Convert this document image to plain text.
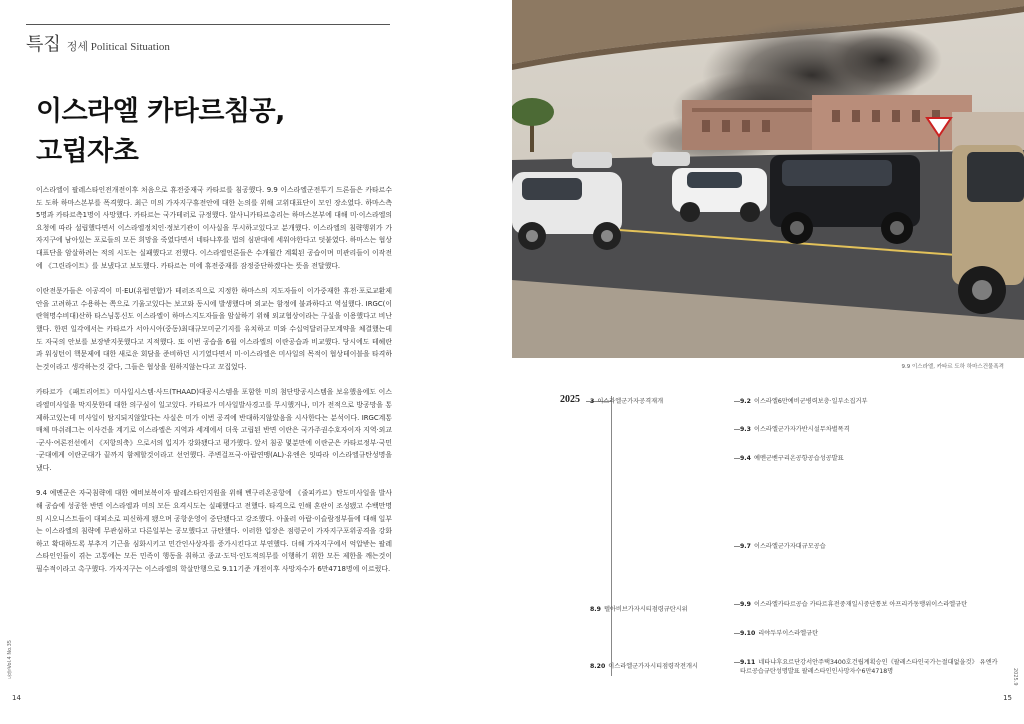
특집 정세 Political Situation
이스라엘 카타르침공,
고립자초

이스라엘이 팔레스타인전개전이후 처음으로 휴전중재국 카타르를 침공했다. 9.9 이스라엘군전투기 드론들은 카타르수도 도하 하마스본부를 폭격했다. 최근 미의 가자지구휴전안에 대한 논의를 위해 고위대표단이 모인 장소였다. 하마스측5명과 카타르측1명이 사망했다. 카타르는 국가테러로 규정했다. 알사니카타르총리는 하마스본부에 대해 미·이스라엘의 요청에 따라 설립했다면서 이스라엘정치인·정보기관이 이사실을 무시하고있다고 분개했다. 이스라엘의 침략행위가 가자지구에 남아있는 포로들의 모든 희망을 죽였다면서 네타냐후를 법의 심판대에 세워야한다고 덧붙였다. 하마스는 협상대표단을 암살하려는 적의 시도는 실패했다고 전했다. 이스라엘언론들은 수개월간 계획된 공습이며 미관리들이 이작전에 《그린라이트》를 보냈다고 보도했다. 카타르는 미에 휴전중재를 잠정중단하겠다는 뜻을 전달했다.

이란전문가들은 이공격이 미·EU(유럽연합)가 테러조직으로 지정한 하마스의 지도자들이 이가중재한 휴전·포로교환제안을 고려하고 수용하는 쪽으로 기울고있다는 보고와 동시에 발생했다며 외교는 함정에 불과하다고 역설했다. IRGC(이란혁명수비대)산하 타스님통신도 이스라엘이 하마스지도자들을 암살하기 위해 외교협상이라는 구실을 이용했다고 비난했다. 한편 일각에서는 카타르가 서아시아(중동)최대규모미군기지를 유치하고 미와 수십억달러규모계약을 체결했는데도 자국의 안보를 보장받지못했다고 지적했다. 또 이번 공습을 6월 이스라엘의 이란공습과 비교했다. 당시에도 테헤란과 워싱턴이 핵문제에 대한 새로운 회담을 준비하던 시기였다면서 미·이스라엘은 미사일의 목적이 협상테이블을 타격하는것이라고 생각하는것 같다, 그들은 협상을 원하지않는다고 꼬집었다.

카타르가 《패트리어트》미사일시스템·사드(THAAD)대공시스템을 포함한 미의 첨단방공시스템을 보유했음에도 이스라엘미사일을 막지못한데 대한 의구심이 일고있다. 카타르가 미사일발사경고를 무시했거나, 미가 전적으로 방공망을 통제하고있는데 미사일이 탐지되지않았다는 사실은 미가 이번 공격에 반대하지않았음을 시사한다는 분석이다. IRGC계통매체 마쉬레그는 이사건을 계기로 이스라엘은 지역과 세계에서 더욱 고립된 반면 이란은 국가주권수호자이자 지역·외교·군사·여론전선에서 《저항의축》으로서의 입지가 강화됐다고 평가했다. 앞서 침공 몇분만에 이란군은 카타르정부·국민·군대에게 이란군대가 끝까지 함께할것이라고 선언했다. 주변걸프국·아랍연맹(AL)·유엔은 잇따라 이스라엘규탄성명을 냈다.

9.4 예멘군은 자국침략에 대한 예비보복이자 팔레스타인지원을 위해 벤구리온공항에 《줄피카르》탄도미사일을 발사해 공습에 성공한 반면 이스라엘과 미의 모든 요격시도는 실패했다고 전했다. 타격으로 인해 혼란이 조성됐고 수백만명의 시오니스트들이 대피소로 피신하게 됐으며 공항운영이 중단됐다고 강조했다. 아울러 아랍·이슬람정부들에 대해 일부는 이스라엘의 침략에 무관심하고 다른일부는 공모했다고 규탄했다. 이러한 입장은 점령군이 가자지구포위공격을 강화하고 확대하도록 부추겨 기근을 심화시키고 민간인사상자를 증가시킨다고 부연했다. 더해 가자지구에서 억압받는 팔레스타인인들이 겪는 고통에는 모든 민족이 행동을 취하고 종교·도덕·인도적의무를 이행하기 위한 모든 제한을 깨는것이 필수적이라고 촉구했다. 가자지구는 이스라엘의 학살만행으로 9.11기준 개전이후 사망자수가 6만4718명에 이르렀다.

동향Vol.4 No.35
14
9.9 이스라엘, 카타르 도하 하마스건물폭격
2025 3 이스라엘군가자공격재개
8.9 텔아비브가자시티점령규탄시위
8.20 이스라엘군가자시티점령작전개시
9.2 이스라엘6만예비군병력보충·일부소집거부
9.3 이스라엘군가자가반시설무차별폭격
9.4 예멘군벤구리온공항공습성공발표
9.7 이스라엘군가자대규모공습
9.9 이스라엘카타르공습 카타르휴전중재일시중단통보 아프리카동맹위이스라엘규탄
9.10 리야두부이스라엘규탄
9.11 네타냐후요르단강서안주택3400호건립계획승인《팔레스타인국가는절대없을것》 유엔카타르공습규탄성명발표 팔레스타인인사망자수6만4718명	2025.9
15
